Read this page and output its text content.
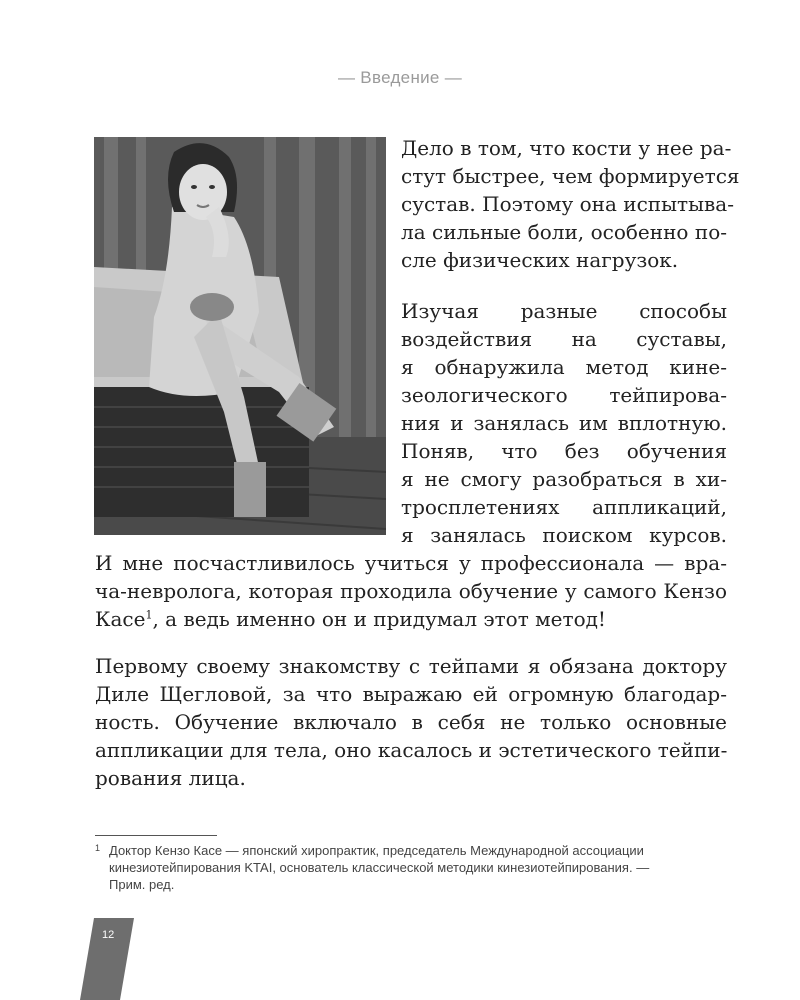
— Введение —
Дело в том, что кости у нее ра-
стут быстрее, чем формируется
сустав. Поэтому она испытыва-
ла сильные боли, особенно по-
сле физических нагрузок.
Изучая разные способы
воздействия на суставы,
я обнаружила метод кине-
зеологического тейпирова-
ния и занялась им вплотную.
Поняв, что без обучения
я не смогу разобраться в хи-
тросплетениях аппликаций,
я занялась поиском курсов.
И мне посчастливилось учиться у профессионала — вра-
ча-невролога, которая проходила обучение у самого Кензо
Касе$^1$, а ведь именно он и придумал этот метод!
Первому своему знакомству с тейпами я обязана доктору
Диле Щегловой, за что выражаю ей огромную благодар-
ность. Обучение включало в себя не только основные
аппликации для тела, оно касалось и эстетического тейпи-
рования лица.
1 Доктор Кензо Касе — японский хиропрактик, председатель Международной ассоциации
кинезиотейпирования KTAI, основатель классической методики кинезиотейпирования. —
Прим. ред.
12
